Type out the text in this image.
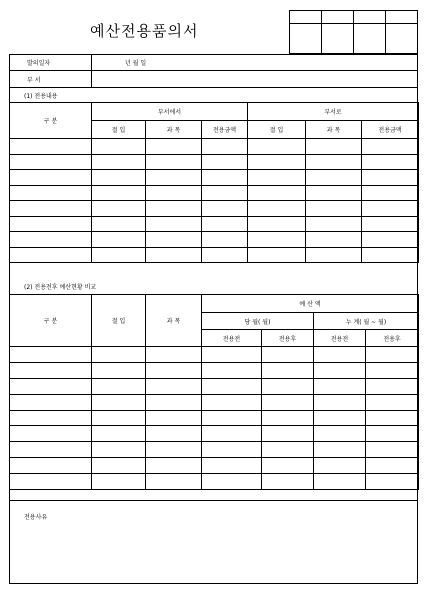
예산전용품의서

발의일자	년 월 일
부 서
(1) 전용내용
구 분	부서에서			부서로		
	절 입	과 목	전용금액	절 입	과 목	전용금액

(2) 전용전후 예산현황 비교
구 분	절 입	과 목	예 산 액			
			당 월( 월)		누 계( 월 ~ 월)	
			전용전	전용후	전용전	전용후

전용사유
